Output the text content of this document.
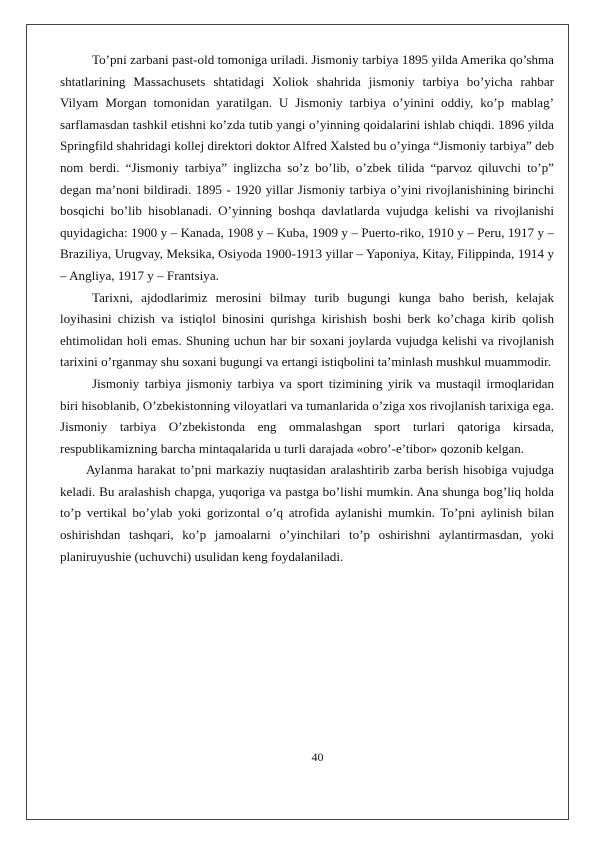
To’pni zarbani past-old tomoniga uriladi. Jismoniy tarbiya 1895 yilda Amerika qo’shma shtatlarining Massachusets shtatidagi Xoliok shahrida jismoniy tarbiya bo’yicha rahbar Vilyam Morgan tomonidan yaratilgan. U Jismoniy tarbiya o’yinini oddiy, ko’p mablag’ sarflamasdan tashkil etishni ko’zda tutib yangi o’yinning qoidalarini ishlab chiqdi. 1896 yilda Springfild shahridagi kollej direktori doktor Alfred Xalsted bu o’yinga “Jismoniy tarbiya” deb nom berdi. “Jismoniy tarbiya” inglizcha so’z bo’lib, o’zbek tilida “parvoz qiluvchi to’p” degan ma’noni bildiradi. 1895 - 1920 yillar Jismoniy tarbiya o’yini rivojlanishining birinchi bosqichi bo’lib hisoblanadi. O’yinning boshqa davlatlarda vujudga kelishi va rivojlanishi quyidagicha: 1900 y – Kanada, 1908 y – Kuba, 1909 y – Puerto-riko, 1910 y – Peru, 1917 y – Braziliya, Urugvay, Meksika, Osiyoda 1900-1913 yillar – Yaponiya, Kitay, Filippinda, 1914 y – Angliya, 1917 y – Frantsiya.

Tarixni, ajdodlarimiz merosini bilmay turib bugungi kunga baho berish, kelajak loyihasini chizish va istiqlol binosini qurishga kirishish boshi berk ko’chaga kirib qolish ehtimolidan holi emas. Shuning uchun har bir soxani joylarda vujudga kelishi va rivojlanish tarixini o’rganmay shu soxani bugungi va ertangi istiqbolini ta’minlash mushkul muammodir.

Jismoniy tarbiya jismoniy tarbiya va sport tizimining yirik va mustaqil irmoqlaridan biri hisoblanib, O’zbekistonning viloyatlari va tumanlarida o’ziga xos rivojlanish tarixiga ega. Jismoniy tarbiya O’zbekistonda eng ommalashgan sport turlari qatoriga kirsada, respublikamizning barcha mintaqalarida u turli darajada «obro’-e’tibor» qozonib kelgan.

Aylanma harakat to’pni markaziy nuqtasidan aralashtirib zarba berish hisobiga vujudga keladi. Bu aralashish chapga, yuqoriga va pastga bo’lishi mumkin. Ana shunga bog’liq holda to’p vertikal bo’ylab yoki gorizontal o’q atrofida aylanishi mumkin. To’pni aylinish bilan oshirishdan tashqari, ko’p jamoalarni o’yinchilari to’p oshirishni aylantirmasdan, yoki planiruyushie (uchuvchi) usulidan keng foydalaniladi.

40
